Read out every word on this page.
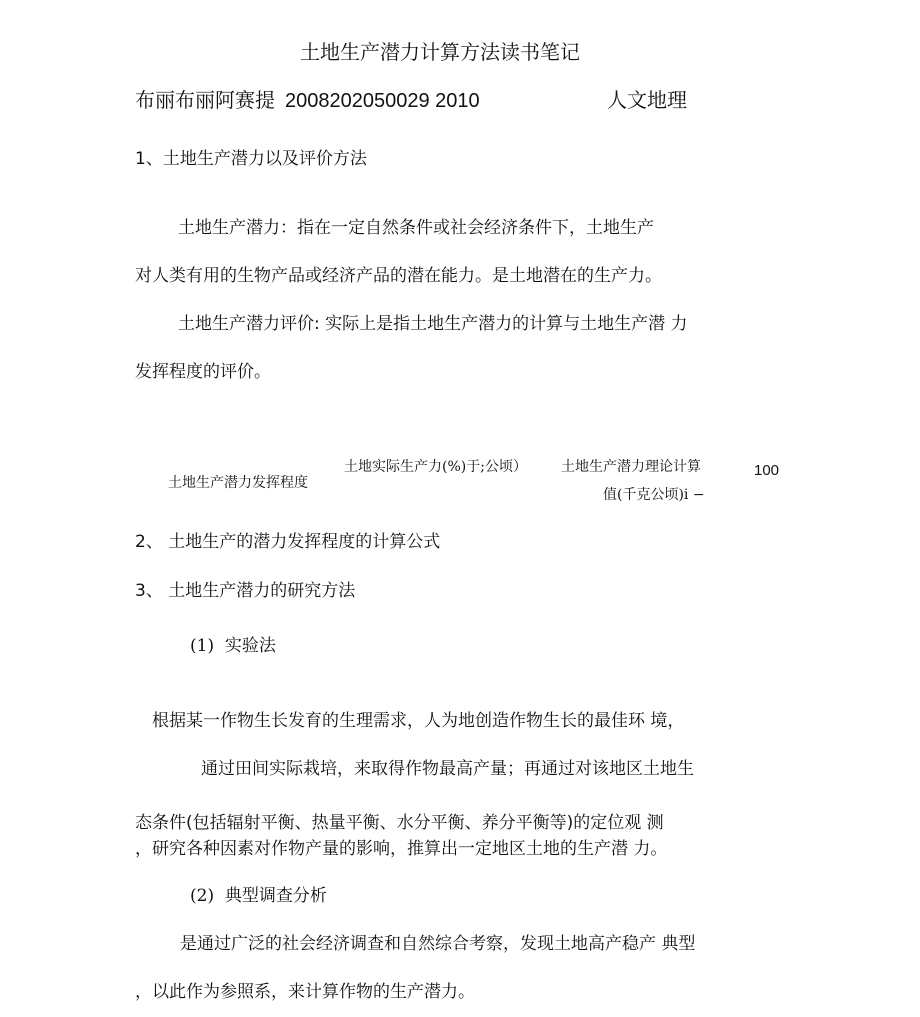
土地生产潜力计算方法读书笔记
布丽布丽阿赛提 2008202050029 2010	人文地理
1、土地生产潜力以及评价方法
土地生产潜力：指在一定自然条件或社会经济条件下，土地生产
对人类有用的生物产品或经济产品的潜在能力。是土地潜在的生产力。
土地生产潜力评价: 实际上是指土地生产潜力的计算与土地生产潜 力
发挥程度的评价。
土地生产潜力发挥程度
土地实际生产力(%)于;公顷） 土地生产潜力理论计算
值(千克公顷)i −
100
2、 土地生产的潜力发挥程度的计算公式
3、 土地生产潜力的研究方法
(1) 实验法
根据某一作物生长发育的生理需求，人为地创造作物生长的最佳环 境，
通过田间实际栽培，来取得作物最高产量；再通过对该地区土地生
态条件(包括辐射平衡、热量平衡、水分平衡、养分平衡等)的定位观 测
，研究各种因素对作物产量的影响，推算出一定地区土地的生产潜 力。
(2) 典型调查分析
是通过广泛的社会经济调查和自然综合考察，发现土地高产稳产 典型
，以此作为参照系，来计算作物的生产潜力。
